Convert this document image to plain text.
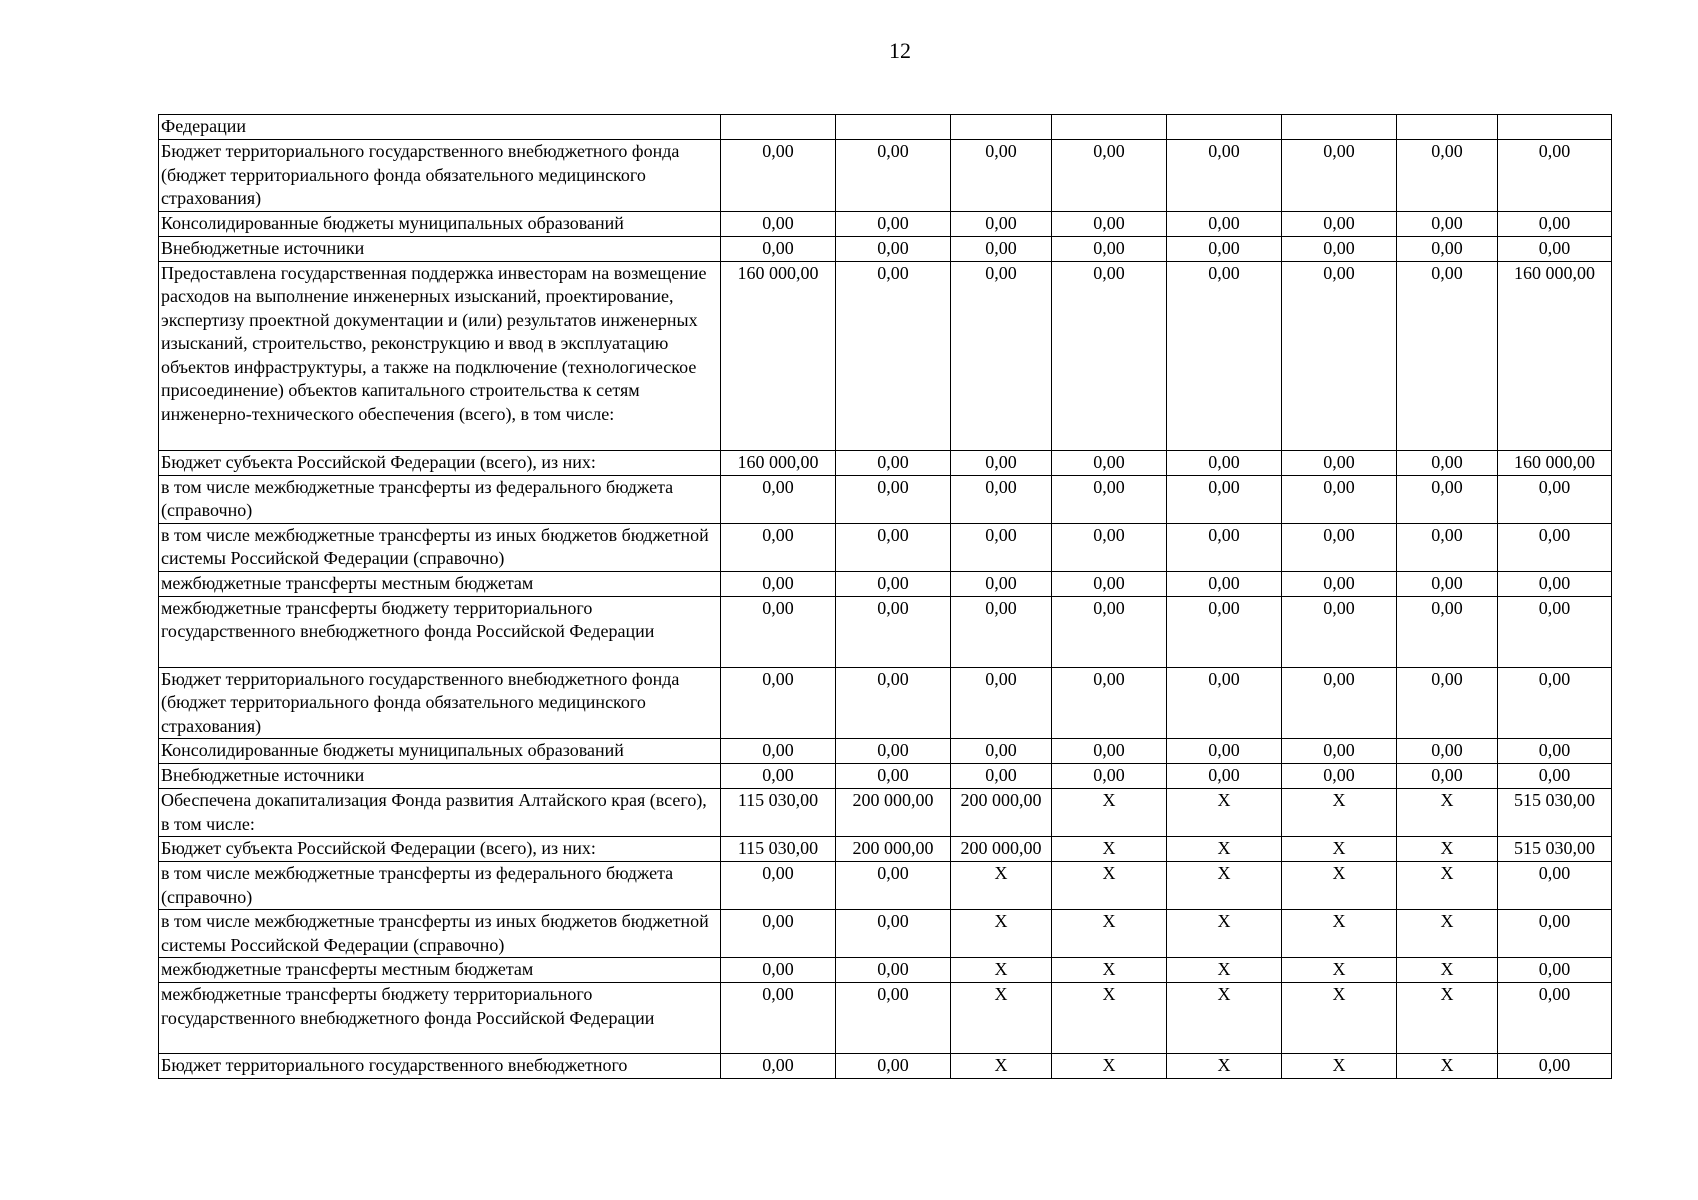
12
Федерации								
Бюджет территориального государственного внебюджетного фонда (бюджет территориального фонда обязательного медицинского страхования)	0,00	0,00	0,00	0,00	0,00	0,00	0,00	0,00
Консолидированные бюджеты муниципальных образований	0,00	0,00	0,00	0,00	0,00	0,00	0,00	0,00
Внебюджетные источники	0,00	0,00	0,00	0,00	0,00	0,00	0,00	0,00
Предоставлена государственная поддержка инвесторам на возмещение расходов на выполнение инженерных изысканий, проектирование, экспертизу проектной документации и (или) результатов инженерных изысканий, строительство, реконструкцию и ввод в эксплуатацию объектов инфраструктуры, а также на подключение (технологическое присоединение) объектов капитального строительства к сетям инженерно-технического обеспечения (всего), в том числе:	160 000,00	0,00	0,00	0,00	0,00	0,00	0,00	160 000,00
Бюджет субъекта Российской Федерации (всего), из них:	160 000,00	0,00	0,00	0,00	0,00	0,00	0,00	160 000,00
в том числе межбюджетные трансферты из федерального бюджета (справочно)	0,00	0,00	0,00	0,00	0,00	0,00	0,00	0,00
в том числе межбюджетные трансферты из иных бюджетов бюджетной системы Российской Федерации (справочно)	0,00	0,00	0,00	0,00	0,00	0,00	0,00	0,00
межбюджетные трансферты местным бюджетам	0,00	0,00	0,00	0,00	0,00	0,00	0,00	0,00
межбюджетные трансферты бюджету территориального государственного внебюджетного фонда Российской Федерации	0,00	0,00	0,00	0,00	0,00	0,00	0,00	0,00
Бюджет территориального государственного внебюджетного фонда (бюджет территориального фонда обязательного медицинского страхования)	0,00	0,00	0,00	0,00	0,00	0,00	0,00	0,00
Консолидированные бюджеты муниципальных образований	0,00	0,00	0,00	0,00	0,00	0,00	0,00	0,00
Внебюджетные источники	0,00	0,00	0,00	0,00	0,00	0,00	0,00	0,00
Обеспечена докапитализация Фонда развития Алтайского края (всего), в том числе:	115 030,00	200 000,00	200 000,00	X	X	X	X	515 030,00
Бюджет субъекта Российской Федерации (всего), из них:	115 030,00	200 000,00	200 000,00	X	X	X	X	515 030,00
в том числе межбюджетные трансферты из федерального бюджета (справочно)	0,00	0,00	X	X	X	X	X	0,00
в том числе межбюджетные трансферты из иных бюджетов бюджетной системы Российской Федерации (справочно)	0,00	0,00	X	X	X	X	X	0,00
межбюджетные трансферты местным бюджетам	0,00	0,00	X	X	X	X	X	0,00
межбюджетные трансферты бюджету территориального государственного внебюджетного фонда Российской Федерации	0,00	0,00	X	X	X	X	X	0,00
Бюджет территориального государственного внебюджетного	0,00	0,00	X	X	X	X	X	0,00
